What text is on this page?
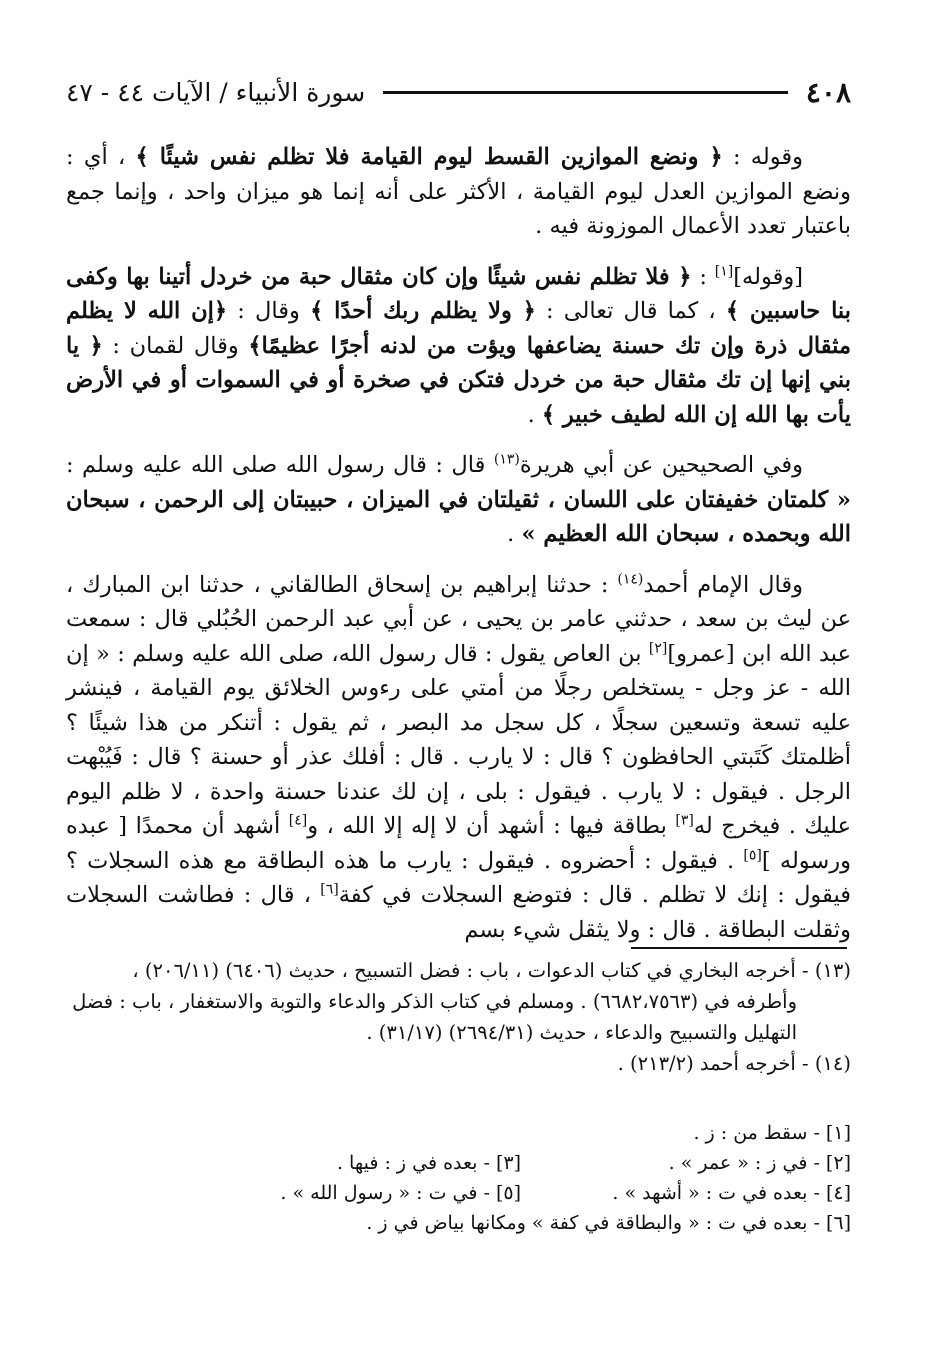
٤٠٨
سورة الأنبياء / الآيات ٤٤ - ٤٧

وقوله : ﴿ ونضع الموازين القسط ليوم القيامة فلا تظلم نفس شيئًا ﴾ ، أي : ونضع الموازين العدل ليوم القيامة ، الأكثر على أنه إنما هو ميزان واحد ، وإنما جمع باعتبار تعدد الأعمال الموزونة فيه .

[وقوله][١] : ﴿ فلا تظلم نفس شيئًا وإن كان مثقال حبة من خردل أتينا بها وكفى بنا حاسبين ﴾ ، كما قال تعالى : ﴿ ولا يظلم ربك أحدًا ﴾ وقال : ﴿إن الله لا يظلم مثقال ذرة وإن تك حسنة يضاعفها ويؤت من لدنه أجرًا عظيمًا﴾ وقال لقمان : ﴿ يا بني إنها إن تك مثقال حبة من خردل فتكن في صخرة أو في السموات أو في الأرض يأت بها الله إن الله لطيف خبير ﴾ .

وفي الصحيحين عن أبي هريرة$^{(١٣)}$ قال : قال رسول الله صلى الله عليه وسلم : « كلمتان خفيفتان على اللسان ، ثقيلتان في الميزان ، حبيبتان إلى الرحمن ، سبحان الله وبحمده ، سبحان الله العظيم » .

وقال الإمام أحمد$^{(١٤)}$ : حدثنا إبراهيم بن إسحاق الطالقاني ، حدثنا ابن المبارك ، عن ليث بن سعد ، حدثني عامر بن يحيى ، عن أبي عبد الرحمن الحُبُلي قال : سمعت عبد الله ابن [عمرو][٢] بن العاص يقول : قال رسول الله، صلى الله عليه وسلم : « إن الله - عز وجل - يستخلص رجلًا من أمتي على رءوس الخلائق يوم القيامة ، فينشر عليه تسعة وتسعين سجلًا ، كل سجل مد البصر ، ثم يقول : أتنكر من هذا شيئًا ؟ أظلمتك كَتَبتي الحافظون ؟ قال : لا يارب . قال : أفلك عذر أو حسنة ؟ قال : فَيُبْهت الرجل . فيقول : لا يارب . فيقول : بلى ، إن لك عندنا حسنة واحدة ، لا ظلم اليوم عليك . فيخرج له[٣] بطاقة فيها : أشهد أن لا إله إلا الله ، و[٤] أشهد أن محمدًا [ عبده ورسوله ][٥] . فيقول : أحضروه . فيقول : يارب ما هذه البطاقة مع هذه السجلات ؟ فيقول : إنك لا تظلم . قال : فتوضع السجلات في كفة[٦] ، قال : فطاشت السجلات وثقلت البطاقة . قال : ولا يثقل شيء بسم

(١٣) - أخرجه البخاري في كتاب الدعوات ، باب : فضل التسبيح ، حديث (٦٤٠٦) (٢٠٦/١١) ،

وأطرفه في (٦٦٨٢،٧٥٦٣) . ومسلم في كتاب الذكر والدعاء والتوبة والاستغفار ، باب : فضل التهليل والتسبيح والدعاء ، حديث (٢٦٩٤/٣١) (٣١/١٧) .

(١٤) - أخرجه أحمد (٢١٣/٢) .

[١] - سقط من : ز .
[٢] - في ز : « عمر » .
[٣] - بعده في ز : فيها .
[٤] - بعده في ت : « أشهد » .
[٥] - في ت : « رسول الله » .
[٦] - بعده في ت : « والبطاقة في كفة » ومكانها بياض في ز .
